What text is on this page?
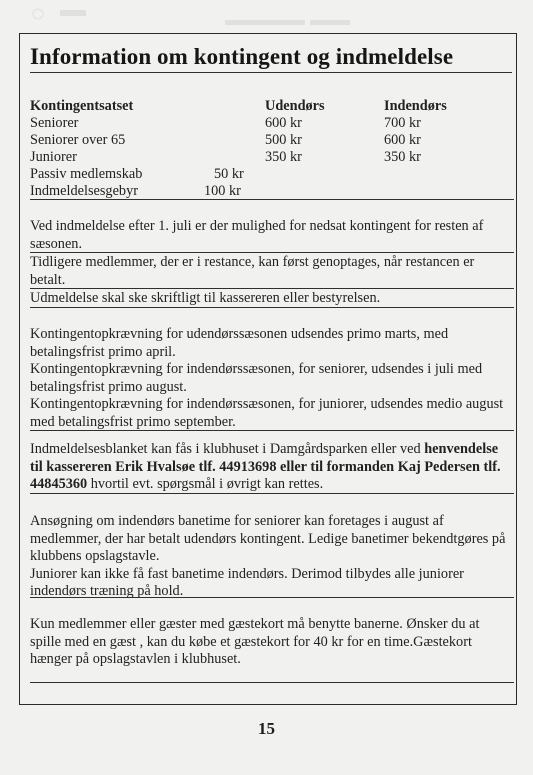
Information om kontingent og indmeldelse
Kontingentsatset	Udendørs	Indendørs
Seniorer	600 kr	700 kr
Seniorer over 65	500 kr	600 kr
Juniorer	350 kr	350 kr
Passiv medlemskab	50 kr
Indmeldelsesgebyr	100 kr
Ved indmeldelse efter 1. juli er der mulighed for nedsat kontingent for resten af sæsonen.
Tidligere medlemmer, der er i restance, kan først genoptages, når restancen er betalt.
Udmeldelse skal ske skriftligt til kassereren eller bestyrelsen.

Kontingentopkrævning for udendørssæsonen udsendes primo marts, med betalingsfrist primo april.

Kontingentopkrævning for indendørssæsonen, for seniorer, udsendes i juli med betalingsfrist primo august.

Kontingentopkrævning for indendørssæsonen, for juniorer, udsendes medio august med betalingsfrist primo september.

Indmeldelsesblanket kan fås i klubhuset i Damgårdsparken eller ved henvendelse til kassereren Erik Hvalsøe tlf. 44913698 eller til formanden Kaj Pedersen tlf. 44845360 hvortil evt. spørgsmål i øvrigt kan rettes.

Ansøgning om indendørs banetime for seniorer kan foretages i august af medlemmer, der har betalt udendørs kontingent. Ledige banetimer bekendtgøres på klubbens opslagstavle.

Juniorer kan ikke få fast banetime indendørs. Derimod tilbydes alle juniorer indendørs træning på hold.

Kun medlemmer eller gæster med gæstekort må benytte banerne. Ønsker du at spille med en gæst , kan du købe et gæstekort for 40 kr for en time.Gæstekort hænger på opslagstavlen i klubhuset.

15
